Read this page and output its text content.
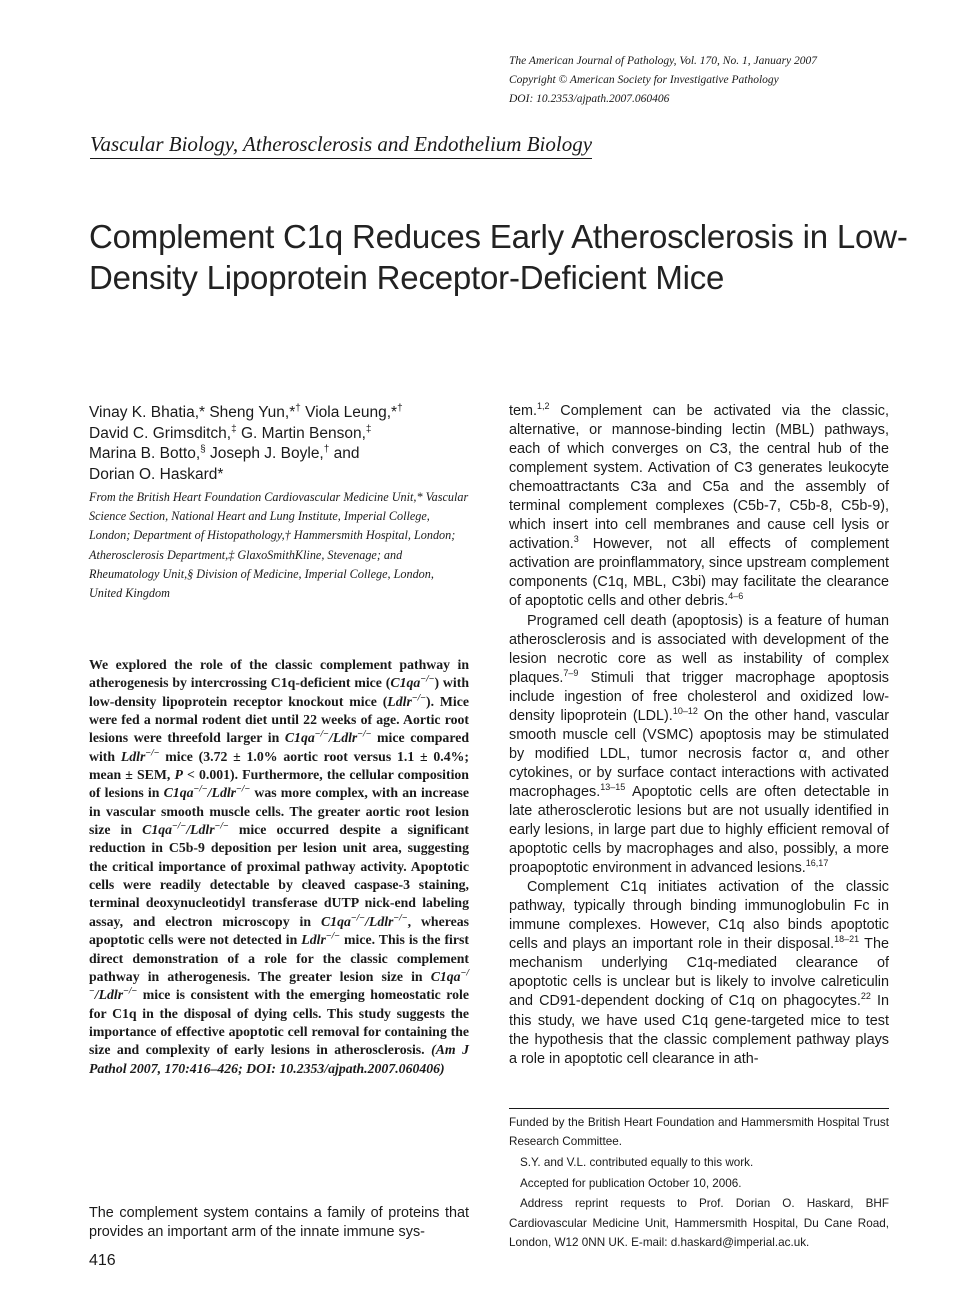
The American Journal of Pathology, Vol. 170, No. 1, January 2007
Copyright © American Society for Investigative Pathology
DOI: 10.2353/ajpath.2007.060406
Vascular Biology, Atherosclerosis and Endothelium Biology
Complement C1q Reduces Early Atherosclerosis in Low-Density Lipoprotein Receptor-Deficient Mice
Vinay K. Bhatia,* Sheng Yun,*† Viola Leung,*†
David C. Grimsditch,‡ G. Martin Benson,‡
Marina B. Botto,§ Joseph J. Boyle,† and
Dorian O. Haskard*
From the British Heart Foundation Cardiovascular Medicine Unit,* Vascular Science Section, National Heart and Lung Institute, Imperial College, London; Department of Histopathology,† Hammersmith Hospital, London; Atherosclerosis Department,‡ GlaxoSmithKline, Stevenage; and Rheumatology Unit,§ Division of Medicine, Imperial College, London, United Kingdom
We explored the role of the classic complement pathway in atherogenesis by intercrossing C1q-deficient mice (C1qa−/−) with low-density lipoprotein receptor knockout mice (Ldlr−/−). Mice were fed a normal rodent diet until 22 weeks of age. Aortic root lesions were threefold larger in C1qa−/−/Ldlr−/− mice compared with Ldlr−/− mice (3.72 ± 1.0% aortic root versus 1.1 ± 0.4%; mean ± SEM, P < 0.001). Furthermore, the cellular composition of lesions in C1qa−/−/Ldlr−/− was more complex, with an increase in vascular smooth muscle cells. The greater aortic root lesion size in C1qa−/−/Ldlr−/− mice occurred despite a significant reduction in C5b-9 deposition per lesion unit area, suggesting the critical importance of proximal pathway activity. Apoptotic cells were readily detectable by cleaved caspase-3 staining, terminal deoxynucleotidyl transferase dUTP nick-end labeling assay, and electron microscopy in C1qa−/−/Ldlr−/−, whereas apoptotic cells were not detected in Ldlr−/− mice. This is the first direct demonstration of a role for the classic complement pathway in atherogenesis. The greater lesion size in C1qa−/−/Ldlr−/− mice is consistent with the emerging homeostatic role for C1q in the disposal of dying cells. This study suggests the importance of effective apoptotic cell removal for containing the size and complexity of early lesions in atherosclerosis. (Am J Pathol 2007, 170:416–426; DOI: 10.2353/ajpath.2007.060406)
The complement system contains a family of proteins that provides an important arm of the innate immune sys-
416

tem.$^{1,2}$ Complement can be activated via the classic, alternative, or mannose-binding lectin (MBL) pathways, each of which converges on C3, the central hub of the complement system. Activation of C3 generates leukocyte chemoattractants C3a and C5a and the assembly of terminal complement complexes (C5b-7, C5b-8, C5b-9), which insert into cell membranes and cause cell lysis or activation.$^3$ However, not all effects of complement activation are proinflammatory, since upstream complement components (C1q, MBL, C3bi) may facilitate the clearance of apoptotic cells and other debris.$^{4-6}$

Programed cell death (apoptosis) is a feature of human atherosclerosis and is associated with development of the lesion necrotic core as well as instability of complex plaques.$^{7-9}$ Stimuli that trigger macrophage apoptosis include ingestion of free cholesterol and oxidized low-density lipoprotein (LDL).$^{10-12}$ On the other hand, vascular smooth muscle cell (VSMC) apoptosis may be stimulated by modified LDL, tumor necrosis factor α, and other cytokines, or by surface contact interactions with activated macrophages.$^{13-15}$ Apoptotic cells are often detectable in late atherosclerotic lesions but are not usually identified in early lesions, in large part due to highly efficient removal of apoptotic cells by macrophages and also, possibly, a more proapoptotic environment in advanced lesions.$^{16,17}$

Complement C1q initiates activation of the classic pathway, typically through binding immunoglobulin Fc in immune complexes. However, C1q also binds apoptotic cells and plays an important role in their disposal.$^{18-21}$ The mechanism underlying C1q-mediated clearance of apoptotic cells is unclear but is likely to involve calreticulin and CD91-dependent docking of C1q on phagocytes.$^{22}$ In this study, we have used C1q gene-targeted mice to test the hypothesis that the classic complement pathway plays a role in apoptotic cell clearance in ath-

Funded by the British Heart Foundation and Hammersmith Hospital Trust Research Committee.

S.Y. and V.L. contributed equally to this work.

Accepted for publication October 10, 2006.

Address reprint requests to Prof. Dorian O. Haskard, BHF Cardiovascular Medicine Unit, Hammersmith Hospital, Du Cane Road, London, W12 0NN UK. E-mail: d.haskard@imperial.ac.uk.
